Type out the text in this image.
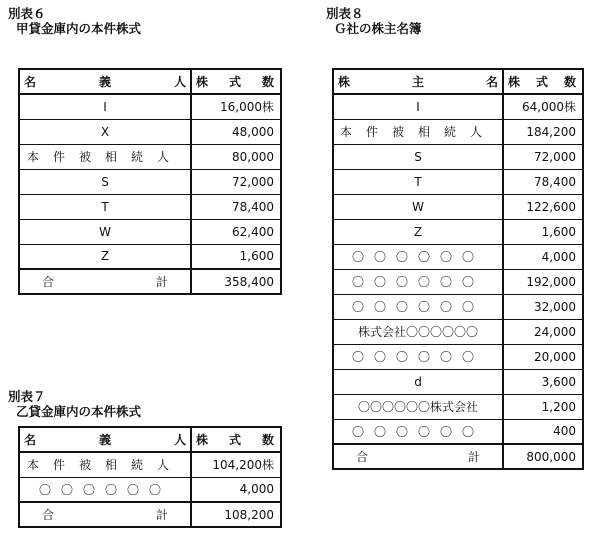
別表６
甲貸金庫内の本件株式
名 義 人	株 式 数

I	16,000株
X	48,000

本件被相続人	80,000
S	72,000
T	78,400
W	62,400
Z	1,600

合 計	358,400
別表７
乙貸金庫内の本件株式
名 義 人	株 式 数

本件被相続人	104,200株

〇〇〇〇〇〇	4,000

合 計	108,200
別表８
Ｇ社の株主名簿
株 主 名	株 式 数

I	64,000株

本件被相続人	184,200
S	72,000
T	78,400
W	122,600
Z	1,600

〇〇〇〇〇〇	4,000

〇〇〇〇〇〇	192,000

〇〇〇〇〇〇	32,000

株式会社〇〇〇〇〇〇	24,000

〇〇〇〇〇〇	20,000
d	3,600

〇〇〇〇〇〇株式会社	1,200

〇〇〇〇〇〇	400

合 計	800,000
